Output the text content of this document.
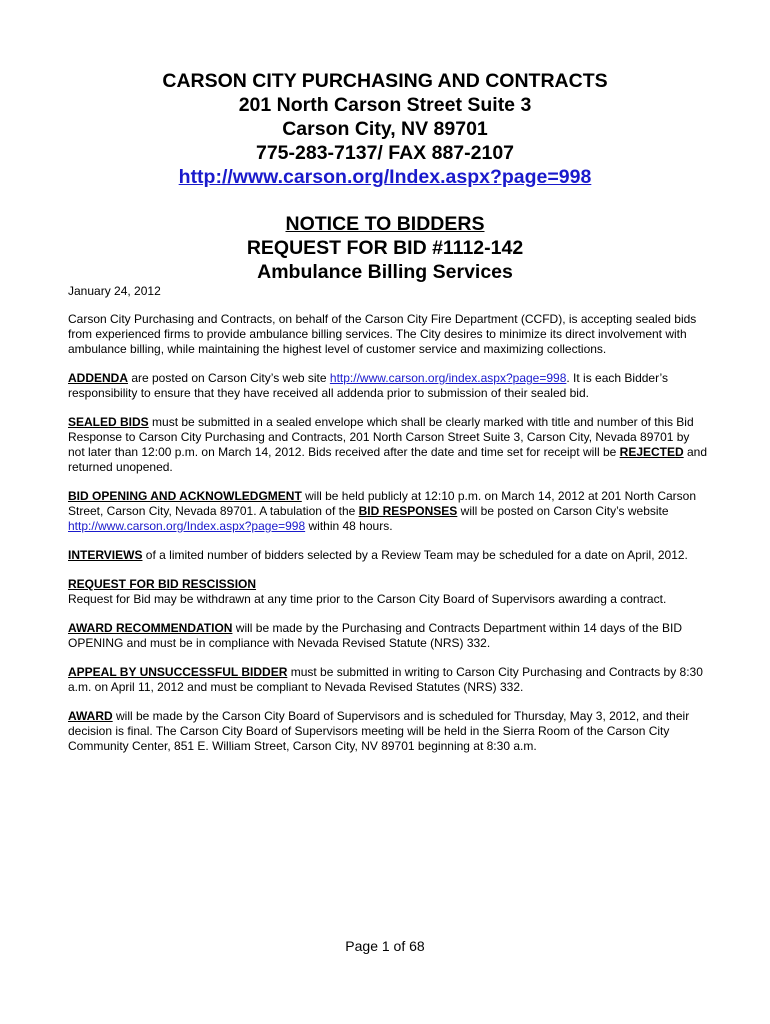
CARSON CITY PURCHASING AND CONTRACTS
201 North Carson Street Suite 3
Carson City, NV 89701
775-283-7137/ FAX 887-2107
http://www.carson.org/Index.aspx?page=998
NOTICE TO BIDDERS
REQUEST FOR BID #1112-142
Ambulance Billing Services
January 24, 2012

Carson City Purchasing and Contracts, on behalf of the Carson City Fire Department (CCFD), is accepting sealed bids from experienced firms to provide ambulance billing services. The City desires to minimize its direct involvement with ambulance billing, while maintaining the highest level of customer service and maximizing collections.

ADDENDA are posted on Carson City’s web site http://www.carson.org/index.aspx?page=998. It is each Bidder’s responsibility to ensure that they have received all addenda prior to submission of their sealed bid.

SEALED BIDS must be submitted in a sealed envelope which shall be clearly marked with title and number of this Bid Response to Carson City Purchasing and Contracts, 201 North Carson Street Suite 3, Carson City, Nevada 89701 by not later than 12:00 p.m. on March 14, 2012. Bids received after the date and time set for receipt will be REJECTED and returned unopened.

BID OPENING AND ACKNOWLEDGMENT will be held publicly at 12:10 p.m. on March 14, 2012 at 201 North Carson Street, Carson City, Nevada 89701. A tabulation of the BID RESPONSES will be posted on Carson City’s website http://www.carson.org/Index.aspx?page=998 within 48 hours.

INTERVIEWS of a limited number of bidders selected by a Review Team may be scheduled for a date on April, 2012.

REQUEST FOR BID RESCISSION
Request for Bid may be withdrawn at any time prior to the Carson City Board of Supervisors awarding a contract.

AWARD RECOMMENDATION will be made by the Purchasing and Contracts Department within 14 days of the BID OPENING and must be in compliance with Nevada Revised Statute (NRS) 332.

APPEAL BY UNSUCCESSFUL BIDDER must be submitted in writing to Carson City Purchasing and Contracts by 8:30 a.m. on April 11, 2012 and must be compliant to Nevada Revised Statutes (NRS) 332.

AWARD will be made by the Carson City Board of Supervisors and is scheduled for Thursday, May 3, 2012, and their decision is final. The Carson City Board of Supervisors meeting will be held in the Sierra Room of the Carson City Community Center, 851 E. William Street, Carson City, NV 89701 beginning at 8:30 a.m.

Page 1 of 68
